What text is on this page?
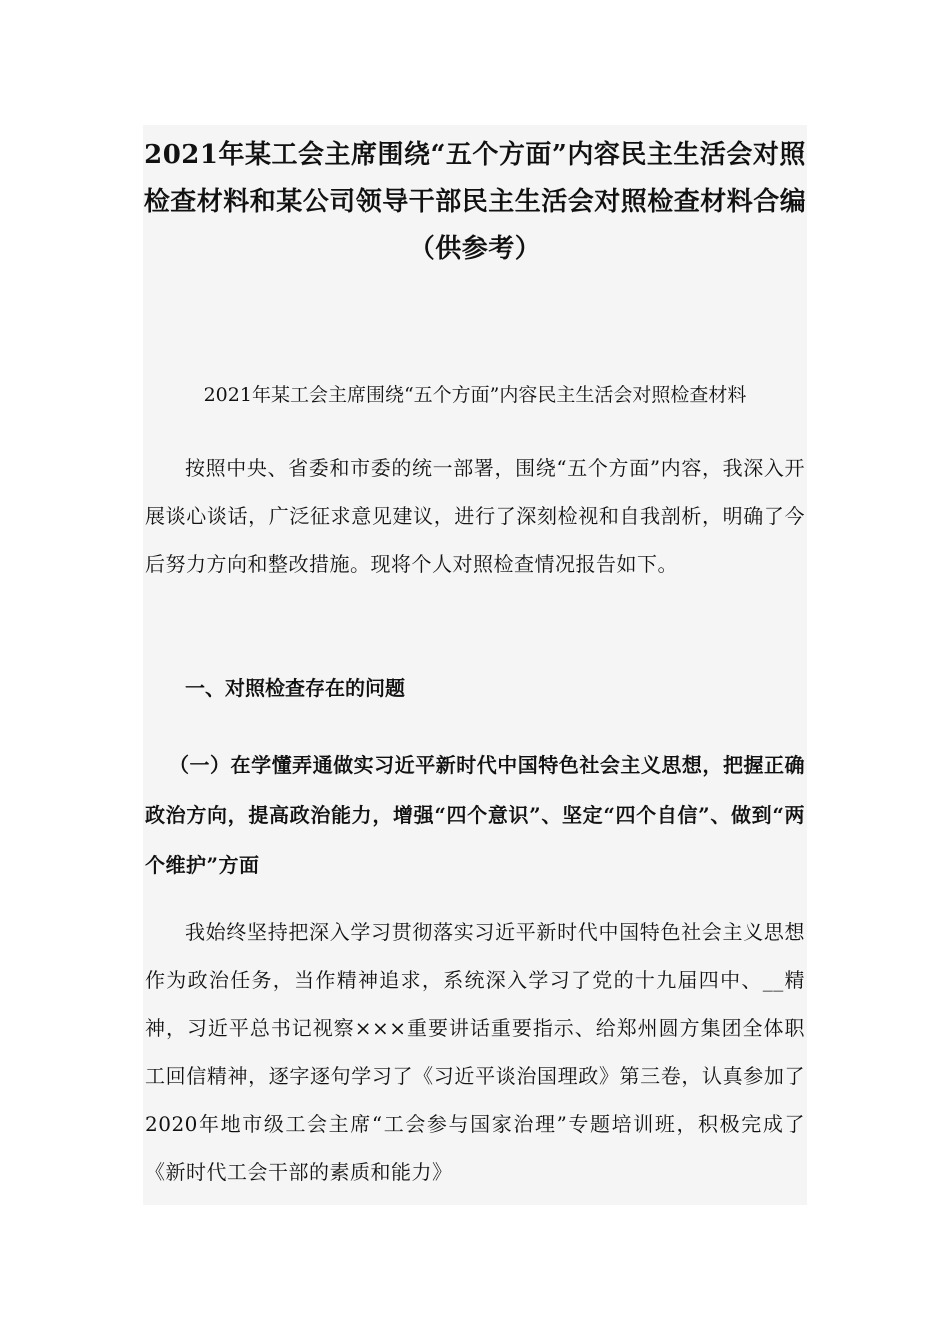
2021年某工会主席围绕“五个方面”内容民主生活会对照检查材料和某公司领导干部民主生活会对照检查材料合编（供参考）
2021年某工会主席围绕“五个方面”内容民主生活会对照检查材料

按照中央、省委和市委的统一部署，围绕“五个方面”内容，我深入开展谈心谈话，广泛征求意见建议，进行了深刻检视和自我剖析，明确了今后努力方向和整改措施。现将个人对照检查情况报告如下。

一、对照检查存在的问题
（一）在学懂弄通做实习近平新时代中国特色社会主义思想，把握正确政治方向，提高政治能力，增强“四个意识”、坚定“四个自信”、做到“两个维护”方面

我始终坚持把深入学习贯彻落实习近平新时代中国特色社会主义思想作为政治任务，当作精神追求，系统深入学习了党的十九届四中、__精神，习近平总书记视察×××重要讲话重要指示、给郑州圆方集团全体职工回信精神，逐字逐句学习了《习近平谈治国理政》第三卷，认真参加了2020年地市级工会主席“工会参与国家治理”专题培训班，积极完成了《新时代工会干部的素质和能力》
